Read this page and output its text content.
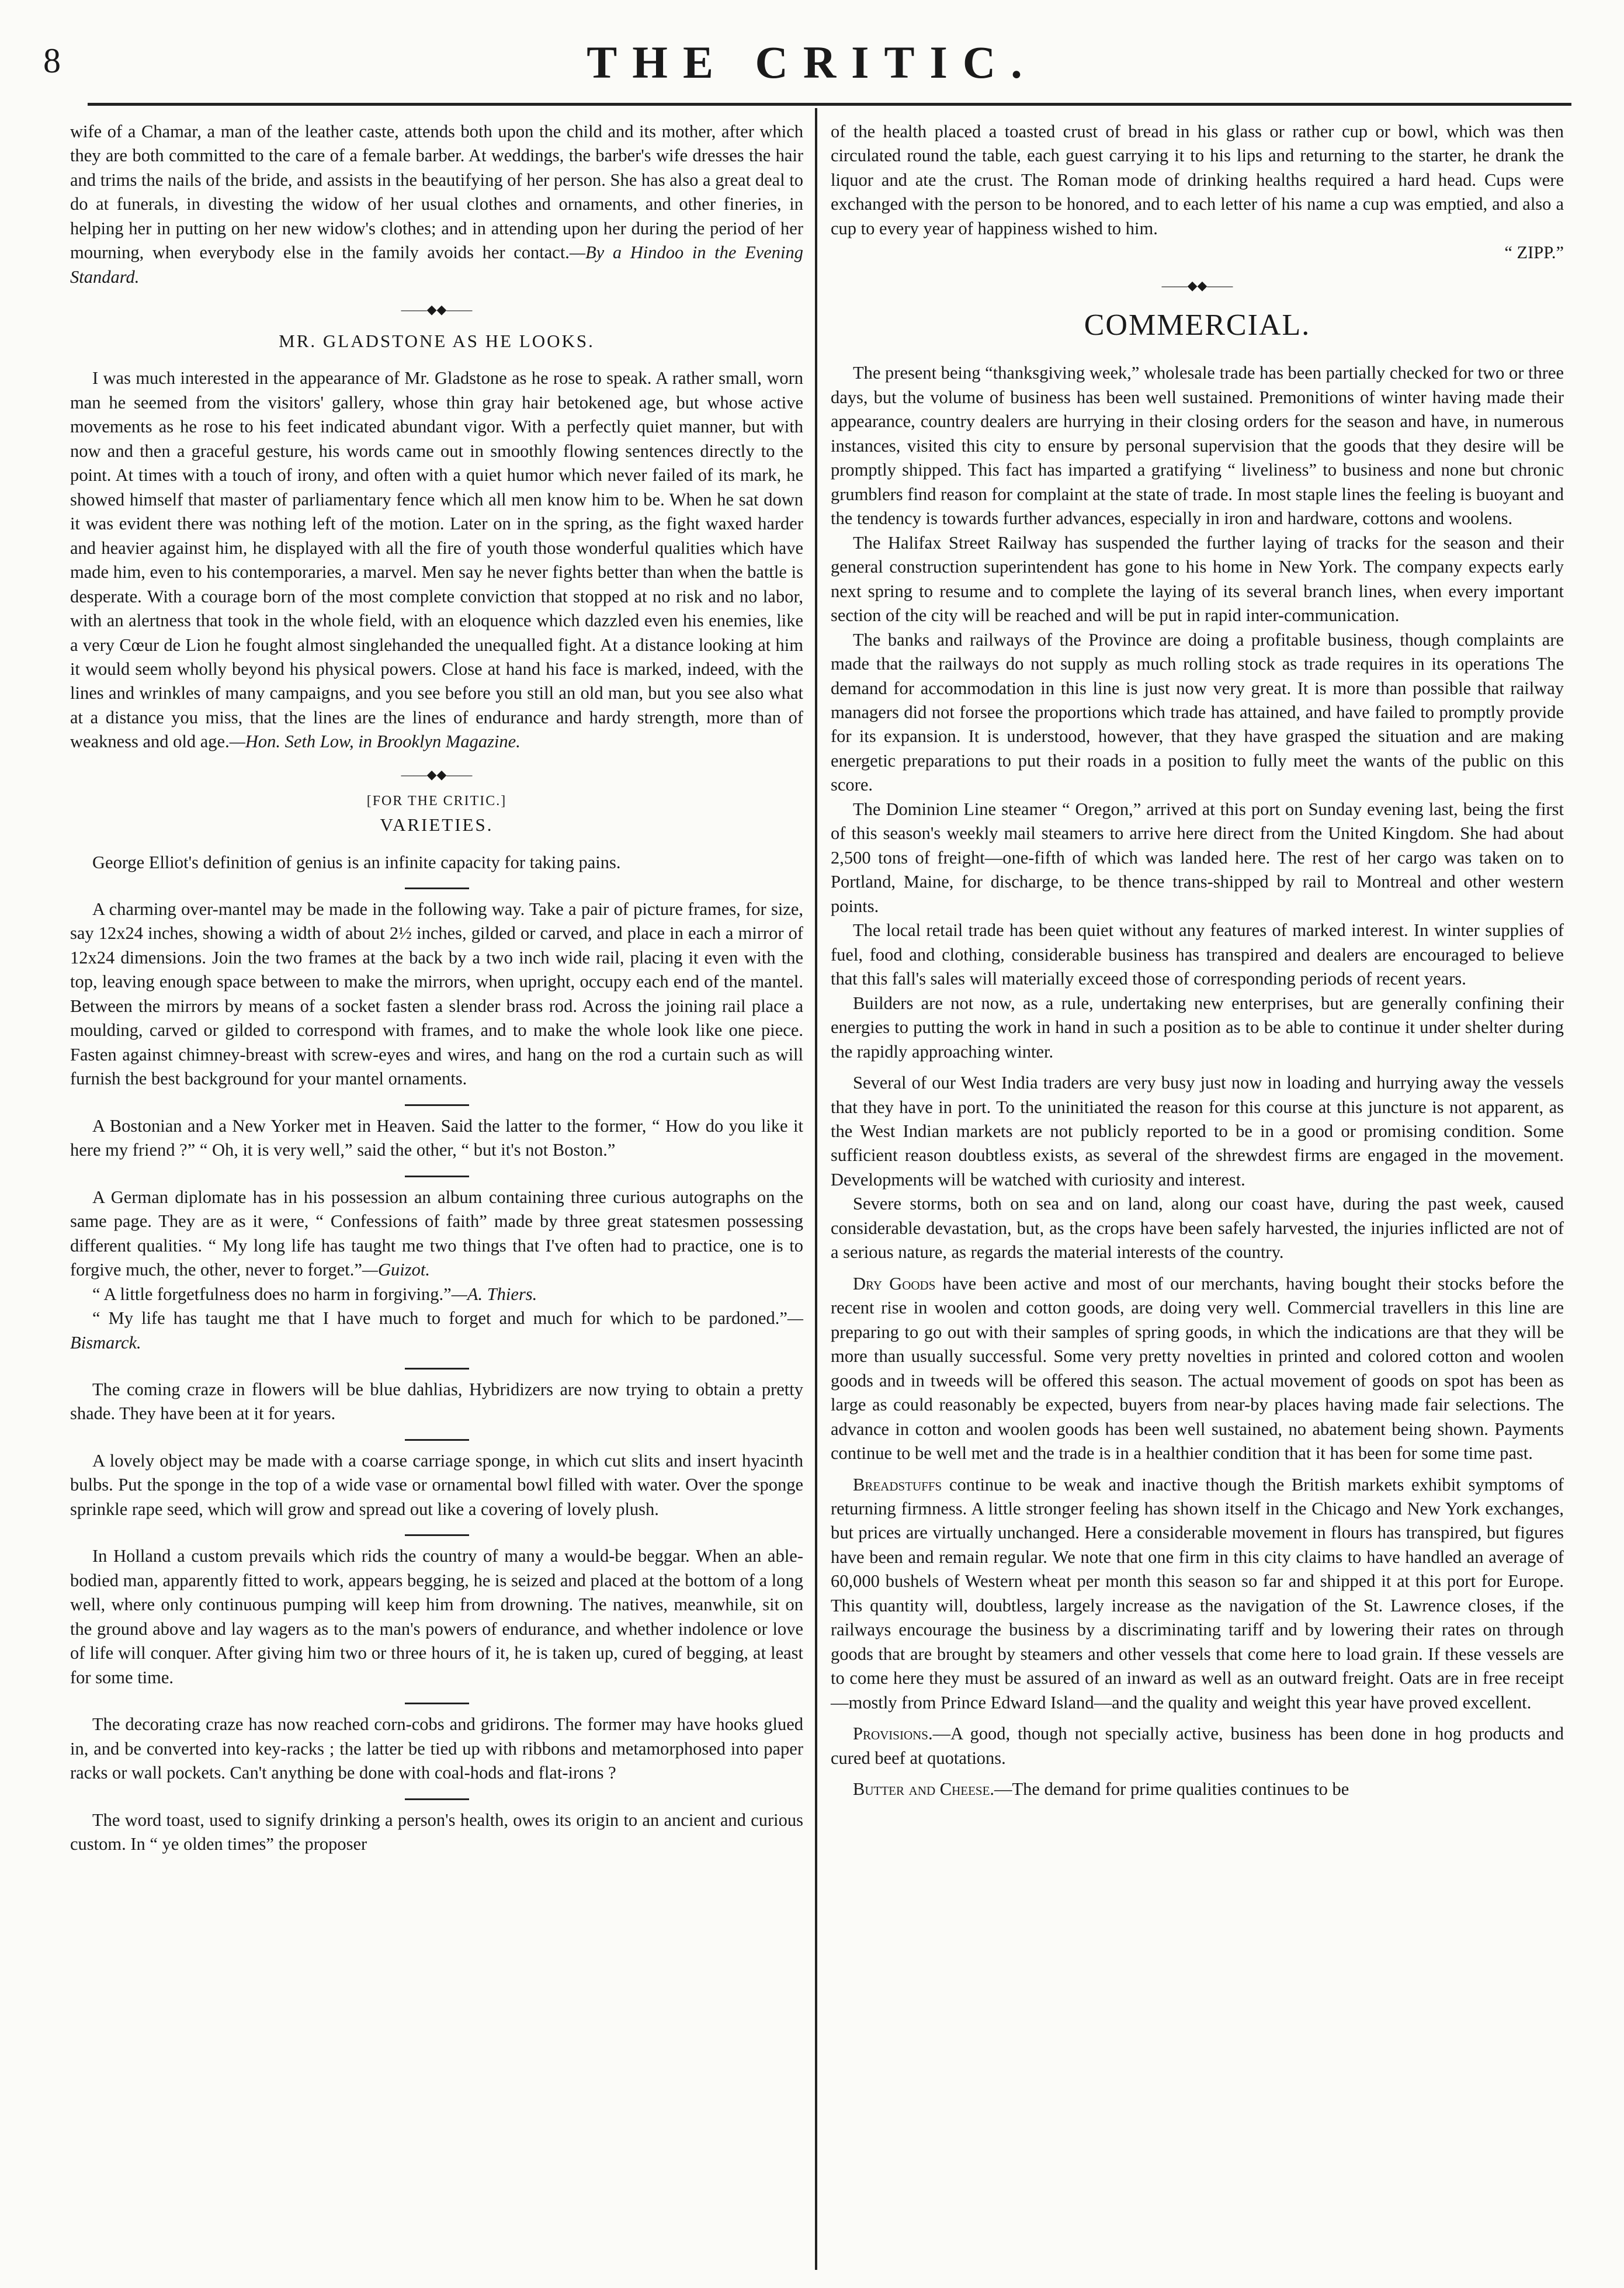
8	THE CRITIC.

wife of a Chamar, a man of the leather caste, attends both upon the child and its mother, after which they are both committed to the care of a female barber. At weddings, the barber's wife dresses the hair and trims the nails of the bride, and assists in the beautifying of her person. She has also a great deal to do at funerals, in divesting the widow of her usual clothes and ornaments, and other fineries, in helping her in putting on her new widow's clothes; and in attending upon her during the period of her mourning, when everybody else in the family avoids her contact.—By a Hindoo in the Evening Standard.

——◆◆——
MR. GLADSTONE AS HE LOOKS.

I was much interested in the appearance of Mr. Gladstone as he rose to speak. A rather small, worn man he seemed from the visitors' gallery, whose thin gray hair betokened age, but whose active movements as he rose to his feet indicated abundant vigor. With a perfectly quiet manner, but with now and then a graceful gesture, his words came out in smoothly flowing sentences directly to the point. At times with a touch of irony, and often with a quiet humor which never failed of its mark, he showed himself that master of parliamentary fence which all men know him to be. When he sat down it was evident there was nothing left of the motion. Later on in the spring, as the fight waxed harder and heavier against him, he displayed with all the fire of youth those wonderful qualities which have made him, even to his contemporaries, a marvel. Men say he never fights better than when the battle is desperate. With a courage born of the most complete conviction that stopped at no risk and no labor, with an alertness that took in the whole field, with an eloquence which dazzled even his enemies, like a very Cœur de Lion he fought almost singlehanded the unequalled fight. At a distance looking at him it would seem wholly beyond his physical powers. Close at hand his face is marked, indeed, with the lines and wrinkles of many campaigns, and you see before you still an old man, but you see also what at a distance you miss, that the lines are the lines of endurance and hardy strength, more than of weakness and old age.—Hon. Seth Low, in Brooklyn Magazine.

——◆◆——
[FOR THE CRITIC.]
VARIETIES.

George Elliot's definition of genius is an infinite capacity for taking pains.

A charming over-mantel may be made in the following way. Take a pair of picture frames, for size, say 12x24 inches, showing a width of about 2½ inches, gilded or carved, and place in each a mirror of 12x24 dimensions. Join the two frames at the back by a two inch wide rail, placing it even with the top, leaving enough space between to make the mirrors, when upright, occupy each end of the mantel. Between the mirrors by means of a socket fasten a slender brass rod. Across the joining rail place a moulding, carved or gilded to correspond with frames, and to make the whole look like one piece. Fasten against chimney-breast with screw-eyes and wires, and hang on the rod a curtain such as will furnish the best background for your mantel ornaments.

A Bostonian and a New Yorker met in Heaven. Said the latter to the former, “ How do you like it here my friend ?” “ Oh, it is very well,” said the other, “ but it's not Boston.”

A German diplomate has in his possession an album containing three curious autographs on the same page. They are as it were, “ Confessions of faith” made by three great statesmen possessing different qualities. “ My long life has taught me two things that I've often had to practice, one is to forgive much, the other, never to forget.”—Guizot.

“ A little forgetfulness does no harm in forgiving.”—A. Thiers.

“ My life has taught me that I have much to forget and much for which to be pardoned.”—Bismarck.

The coming craze in flowers will be blue dahlias, Hybridizers are now trying to obtain a pretty shade. They have been at it for years.

A lovely object may be made with a coarse carriage sponge, in which cut slits and insert hyacinth bulbs. Put the sponge in the top of a wide vase or ornamental bowl filled with water. Over the sponge sprinkle rape seed, which will grow and spread out like a covering of lovely plush.

In Holland a custom prevails which rids the country of many a would-be beggar. When an able-bodied man, apparently fitted to work, appears begging, he is seized and placed at the bottom of a long well, where only continuous pumping will keep him from drowning. The natives, meanwhile, sit on the ground above and lay wagers as to the man's powers of endurance, and whether indolence or love of life will conquer. After giving him two or three hours of it, he is taken up, cured of begging, at least for some time.

The decorating craze has now reached corn-cobs and gridirons. The former may have hooks glued in, and be converted into key-racks ; the latter be tied up with ribbons and metamorphosed into paper racks or wall pockets. Can't anything be done with coal-hods and flat-irons ?

The word toast, used to signify drinking a person's health, owes its origin to an ancient and curious custom. In “ ye olden times” the proposer

of the health placed a toasted crust of bread in his glass or rather cup or bowl, which was then circulated round the table, each guest carrying it to his lips and returning to the starter, he drank the liquor and ate the crust. The Roman mode of drinking healths required a hard head. Cups were exchanged with the person to be honored, and to each letter of his name a cup was emptied, and also a cup to every year of happiness wished to him.

“ ZIPP.”

——◆◆——
COMMERCIAL.

The present being “thanksgiving week,” wholesale trade has been partially checked for two or three days, but the volume of business has been well sustained. Premonitions of winter having made their appearance, country dealers are hurrying in their closing orders for the season and have, in numerous instances, visited this city to ensure by personal supervision that the goods that they desire will be promptly shipped. This fact has imparted a gratifying “ liveliness” to business and none but chronic grumblers find reason for complaint at the state of trade. In most staple lines the feeling is buoyant and the tendency is towards further advances, especially in iron and hardware, cottons and woolens.

The Halifax Street Railway has suspended the further laying of tracks for the season and their general construction superintendent has gone to his home in New York. The company expects early next spring to resume and to complete the laying of its several branch lines, when every important section of the city will be reached and will be put in rapid inter-communication.

The banks and railways of the Province are doing a profitable business, though complaints are made that the railways do not supply as much rolling stock as trade requires in its operations The demand for accommodation in this line is just now very great. It is more than possible that railway managers did not forsee the proportions which trade has attained, and have failed to promptly provide for its expansion. It is understood, however, that they have grasped the situation and are making energetic preparations to put their roads in a position to fully meet the wants of the public on this score.

The Dominion Line steamer “ Oregon,” arrived at this port on Sunday evening last, being the first of this season's weekly mail steamers to arrive here direct from the United Kingdom. She had about 2,500 tons of freight—one-fifth of which was landed here. The rest of her cargo was taken on to Portland, Maine, for discharge, to be thence trans-shipped by rail to Montreal and other western points.

The local retail trade has been quiet without any features of marked interest. In winter supplies of fuel, food and clothing, considerable business has transpired and dealers are encouraged to believe that this fall's sales will materially exceed those of corresponding periods of recent years.

Builders are not now, as a rule, undertaking new enterprises, but are generally confining their energies to putting the work in hand in such a position as to be able to continue it under shelter during the rapidly approaching winter.

Several of our West India traders are very busy just now in loading and hurrying away the vessels that they have in port. To the uninitiated the reason for this course at this juncture is not apparent, as the West Indian markets are not publicly reported to be in a good or promising condition. Some sufficient reason doubtless exists, as several of the shrewdest firms are engaged in the movement. Developments will be watched with curiosity and interest.

Severe storms, both on sea and on land, along our coast have, during the past week, caused considerable devastation, but, as the crops have been safely harvested, the injuries inflicted are not of a serious nature, as regards the material interests of the country.

Dry Goods have been active and most of our merchants, having bought their stocks before the recent rise in woolen and cotton goods, are doing very well. Commercial travellers in this line are preparing to go out with their samples of spring goods, in which the indications are that they will be more than usually successful. Some very pretty novelties in printed and colored cotton and woolen goods and in tweeds will be offered this season. The actual movement of goods on spot has been as large as could reasonably be expected, buyers from near-by places having made fair selections. The advance in cotton and woolen goods has been well sustained, no abatement being shown. Payments continue to be well met and the trade is in a healthier condition that it has been for some time past.

Breadstuffs continue to be weak and inactive though the British markets exhibit symptoms of returning firmness. A little stronger feeling has shown itself in the Chicago and New York exchanges, but prices are virtually unchanged. Here a considerable movement in flours has transpired, but figures have been and remain regular. We note that one firm in this city claims to have handled an average of 60,000 bushels of Western wheat per month this season so far and shipped it at this port for Europe. This quantity will, doubtless, largely increase as the navigation of the St. Lawrence closes, if the railways encourage the business by a discriminating tariff and by lowering their rates on through goods that are brought by steamers and other vessels that come here to load grain. If these vessels are to come here they must be assured of an inward as well as an outward freight. Oats are in free receipt—mostly from Prince Edward Island—and the quality and weight this year have proved excellent.

Provisions.—A good, though not specially active, business has been done in hog products and cured beef at quotations.

Butter and Cheese.—The demand for prime qualities continues to be
